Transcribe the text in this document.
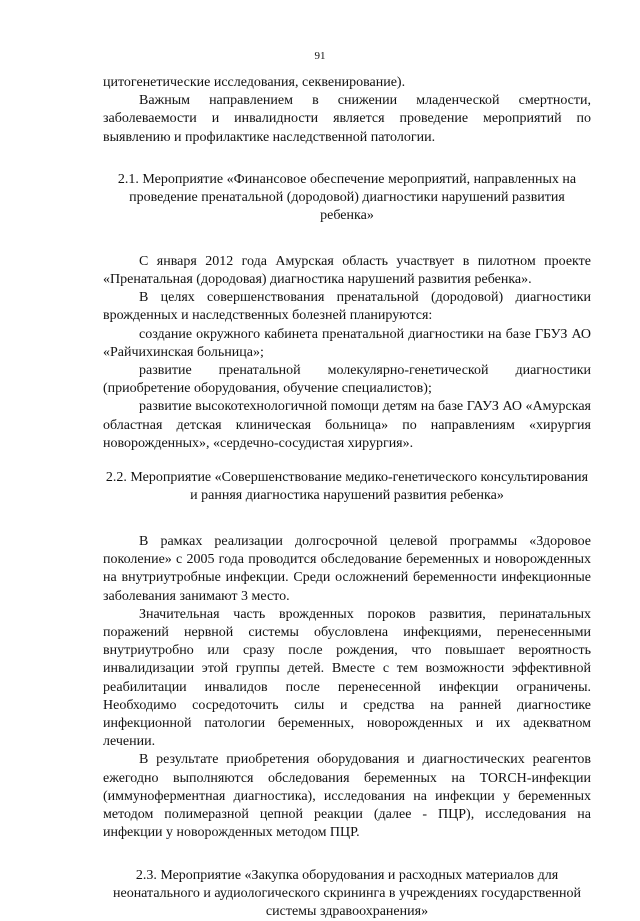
91

цитогенетические исследования, секвенирование).

Важным направлением в снижении младенческой смертности, заболеваемости и инвалидности является проведение мероприятий по выявлению и профилактике наследственной патологии.

2.1. Мероприятие «Финансовое обеспечение мероприятий, направленных на проведение пренатальной (дородовой) диагностики нарушений развития ребенка»

С января 2012 года Амурская область участвует в пилотном проекте «Пренатальная (дородовая) диагностика нарушений развития ребенка».

В целях совершенствования пренатальной (дородовой) диагностики врожденных и наследственных болезней планируются:

создание окружного кабинета пренатальной диагностики на базе ГБУЗ АО «Райчихинская больница»;

развитие пренатальной молекулярно-генетической диагностики (приобретение оборудования, обучение специалистов);

развитие высокотехнологичной помощи детям на базе ГАУЗ АО «Амурская областная детская клиническая больница» по направлениям «хирургия новорожденных», «сердечно-сосудистая хирургия».

2.2. Мероприятие «Совершенствование медико-генетического консультирования и ранняя диагностика нарушений развития ребенка»

В рамках реализации долгосрочной целевой программы «Здоровое поколение» с 2005 года проводится обследование беременных и новорожденных на внутриутробные инфекции. Среди осложнений беременности инфекционные заболевания занимают 3 место.

Значительная часть врожденных пороков развития, перинатальных поражений нервной системы обусловлена инфекциями, перенесенными внутриутробно или сразу после рождения, что повышает вероятность инвалидизации этой группы детей. Вместе с тем возможности эффективной реабилитации инвалидов после перенесенной инфекции ограничены. Необходимо сосредоточить силы и средства на ранней диагностике инфекционной патологии беременных, новорожденных и их адекватном лечении.

В результате приобретения оборудования и диагностических реагентов ежегодно выполняются обследования беременных на TORCH-инфекции (иммуноферментная диагностика), исследования на инфекции у беременных методом полимеразной цепной реакции (далее - ПЦР), исследования на инфекции у новорожденных методом ПЦР.

2.3. Мероприятие «Закупка оборудования и расходных материалов для неонатального и аудиологического скрининга в учреждениях государственной системы здравоохранения»
